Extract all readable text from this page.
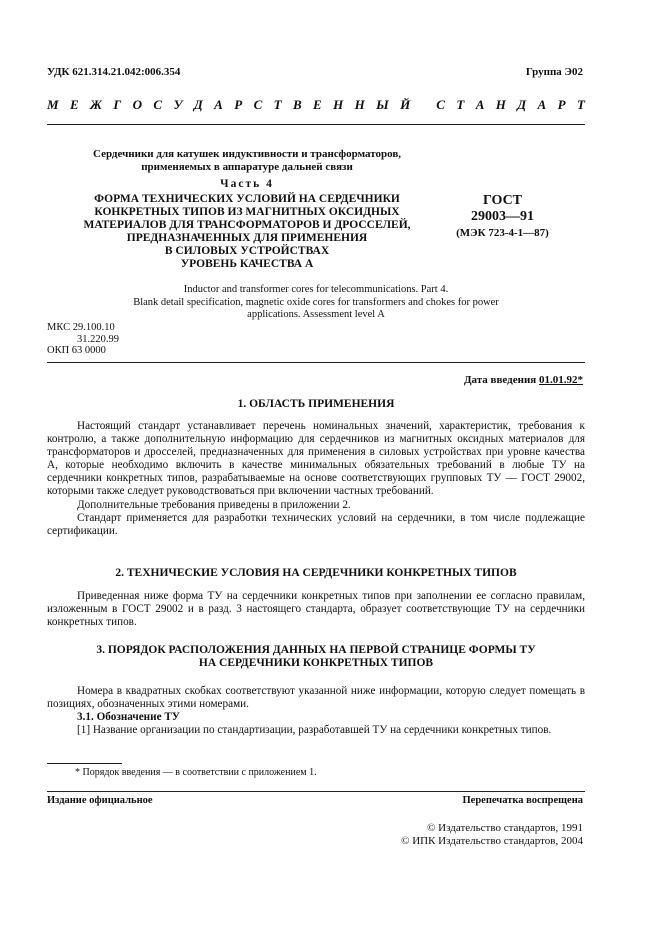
УДК 621.314.21.042:006.354	Группа Э02
М Е Ж Г О С У Д А Р С Т В Е Н Н Ы Й
С Т А Н Д А Р Т
Сердечники для катушек индуктивности и трансформаторов,
применяемых в аппаратуре дальней связи
Часть 4
ФОРМА ТЕХНИЧЕСКИХ УСЛОВИЙ НА СЕРДЕЧНИКИ
КОНКРЕТНЫХ ТИПОВ ИЗ МАГНИТНЫХ ОКСИДНЫХ
МАТЕРИАЛОВ ДЛЯ ТРАНСФОРМАТОРОВ И ДРОССЕЛЕЙ,
ПРЕДНАЗНАЧЕННЫХ ДЛЯ ПРИМЕНЕНИЯ
В СИЛОВЫХ УСТРОЙСТВАХ
УРОВЕНЬ КАЧЕСТВА А
ГОСТ
29003—91
(МЭК 723-4-1—87)
Inductor and transformer cores for telecommunications. Part 4.
Blank detail specification, magnetic oxide cores for transformers and chokes for power
applications. Assessment level A
МКС 29.100.10
31.220.99
ОКП 63 0000
Дата введения 01.01.92*
1. ОБЛАСТЬ ПРИМЕНЕНИЯ

Настоящий стандарт устанавливает перечень номинальных значений, характеристик, требования к контролю, а также дополнительную информацию для сердечников из магнитных оксидных материалов для трансформаторов и дросселей, предназначенных для применения в силовых устройствах при уровне качества А, которые необходимо включить в качестве минимальных обязательных требований в любые ТУ на сердечники конкретных типов, разрабатываемые на основе соответствующих групповых ТУ — ГОСТ 29002, которыми также следует руководствоваться при включении частных требований.

Дополнительные требования приведены в приложении 2.

Стандарт применяется для разработки технических условий на сердечники, в том числе подлежащие сертификации.

2. ТЕХНИЧЕСКИЕ УСЛОВИЯ НА СЕРДЕЧНИКИ КОНКРЕТНЫХ ТИПОВ

Приведенная ниже форма ТУ на сердечники конкретных типов при заполнении ее согласно правилам, изложенным в ГОСТ 29002 и в разд. 3 настоящего стандарта, образует соответствующие ТУ на сердечники конкретных типов.

3. ПОРЯДОК РАСПОЛОЖЕНИЯ ДАННЫХ НА ПЕРВОЙ СТРАНИЦЕ ФОРМЫ ТУ
НА СЕРДЕЧНИКИ КОНКРЕТНЫХ ТИПОВ

Номера в квадратных скобках соответствуют указанной ниже информации, которую следует помещать в позициях, обозначенных этими номерами.

3.1. Обозначение ТУ

[1] Название организации по стандартизации, разработавшей ТУ на сердечники конкретных типов.

* Порядок введения — в соответствии с приложением 1.
Издание официальное	Перепечатка воспрещена
© Издательство стандартов, 1991
© ИПК Издательство стандартов, 2004
